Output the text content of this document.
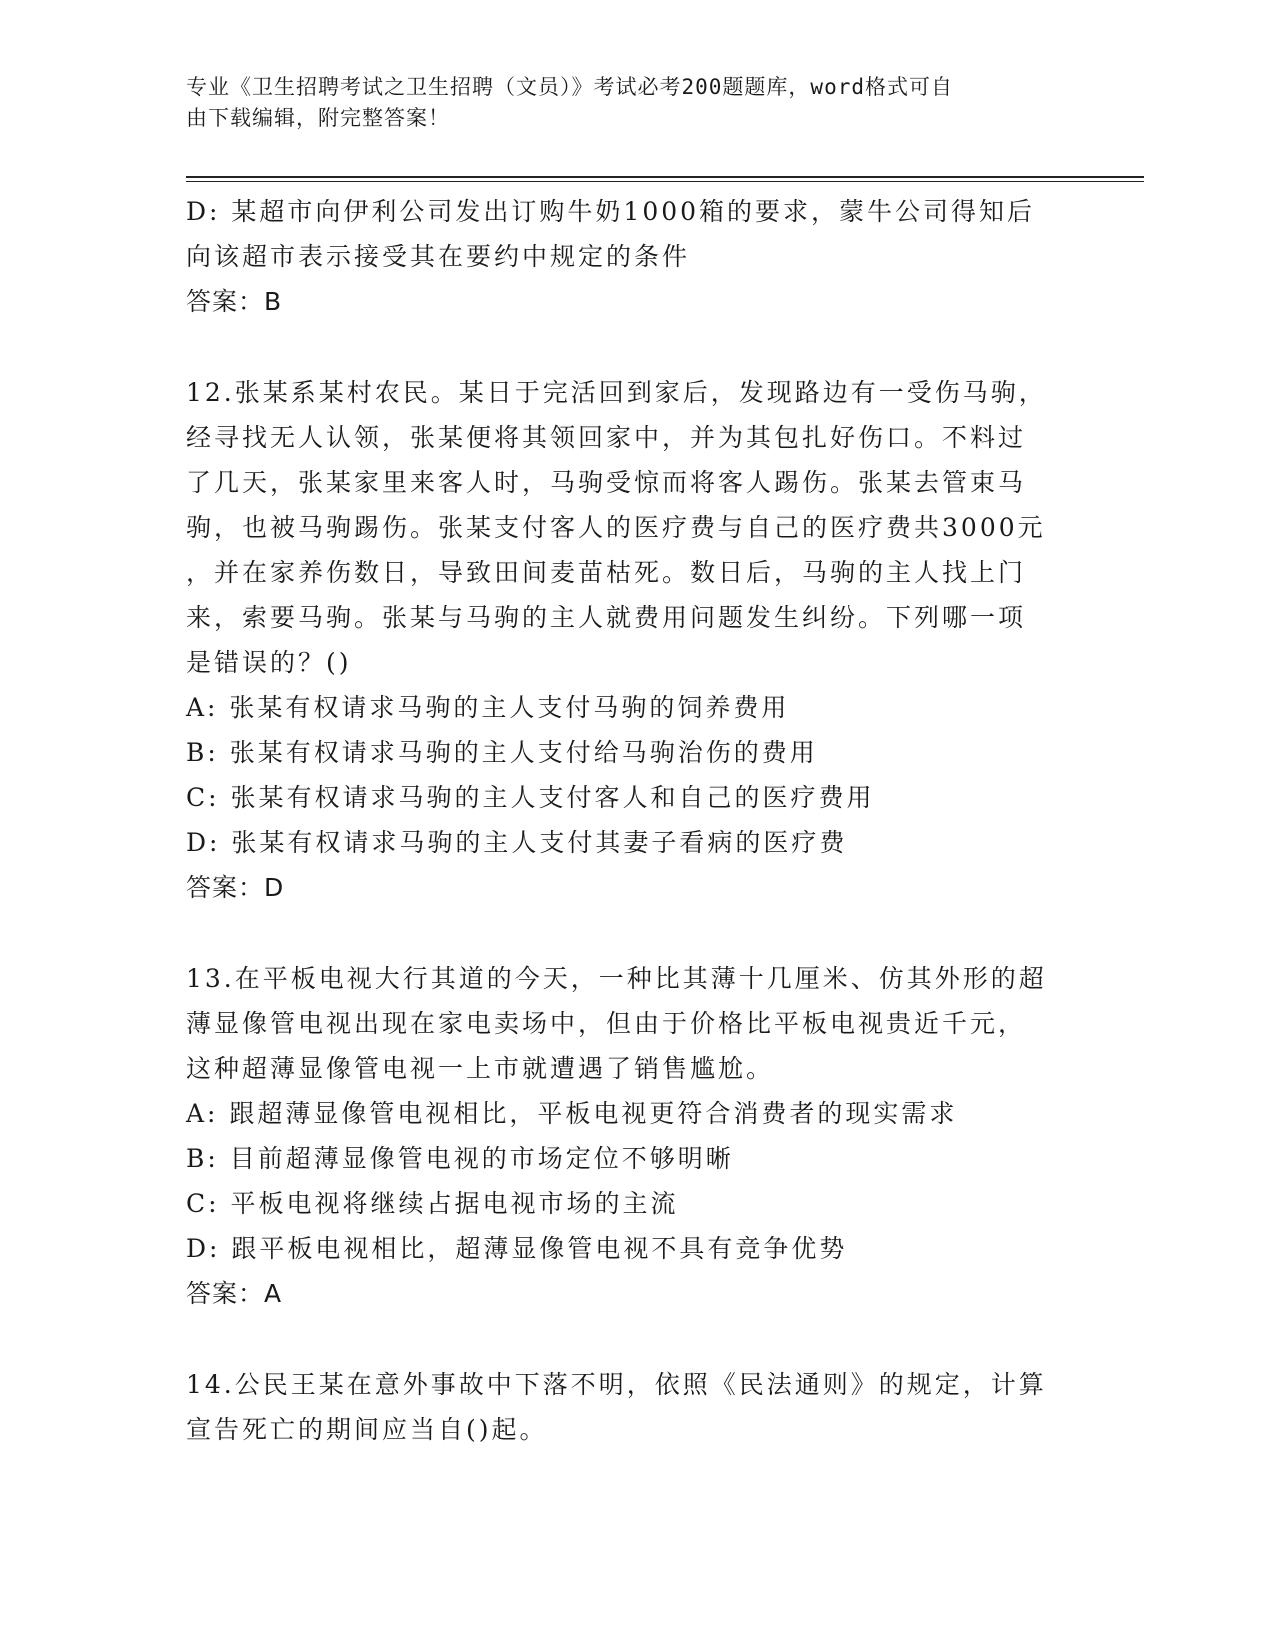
专业《卫生招聘考试之卫生招聘（文员）》考试必考200题题库，word格式可自

由下载编辑，附完整答案！

D: 某超市向伊利公司发出订购牛奶1000箱的要求，蒙牛公司得知后

向该超市表示接受其在要约中规定的条件

答案：B

12.张某系某村农民。某日于完活回到家后，发现路边有一受伤马驹，

经寻找无人认领，张某便将其领回家中，并为其包扎好伤口。不料过

了几天，张某家里来客人时，马驹受惊而将客人踢伤。张某去管束马

驹，也被马驹踢伤。张某支付客人的医疗费与自己的医疗费共3000元

，并在家养伤数日，导致田间麦苗枯死。数日后，马驹的主人找上门

来，索要马驹。张某与马驹的主人就费用问题发生纠纷。下列哪一项

是错误的？()

A: 张某有权请求马驹的主人支付马驹的饲养费用

B: 张某有权请求马驹的主人支付给马驹治伤的费用

C: 张某有权请求马驹的主人支付客人和自己的医疗费用

D: 张某有权请求马驹的主人支付其妻子看病的医疗费

答案：D

13.在平板电视大行其道的今天，一种比其薄十几厘米、仿其外形的超

薄显像管电视出现在家电卖场中，但由于价格比平板电视贵近千元，

这种超薄显像管电视一上市就遭遇了销售尴尬。

A: 跟超薄显像管电视相比，平板电视更符合消费者的现实需求

B: 目前超薄显像管电视的市场定位不够明晰

C: 平板电视将继续占据电视市场的主流

D: 跟平板电视相比，超薄显像管电视不具有竞争优势

答案：A

14.公民王某在意外事故中下落不明，依照《民法通则》的规定，计算

宣告死亡的期间应当自()起。
